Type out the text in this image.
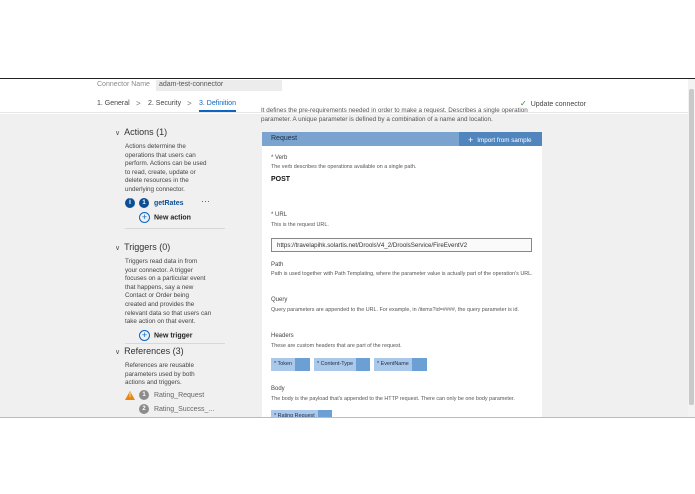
Connector Name	adam-test-connector
1. General > 2. Security > 3. Definition	✓ Update connector
∨ Actions (1)
Actions determine the
operations that users can
perform. Actions can be used
to read, create, update or
delete resources in the
underlying connector.
i	1 getRates ···
+ New action
∨ Triggers (0)
Triggers read data in from
your connector. A trigger
focuses on a particular event
that happens, say a new
Contact or Order being
created and provides the
relevant data so that users can
take action on that event.
+ New trigger
∨ References (3)
References are reusable
parameters used by both
actions and triggers.
!	1 Rating_Request
2 Rating_Success_...
It defines the pre-requirements needed in order to make a request. Describes a single operation
parameter. A unique parameter is defined by a combination of a name and location.
Request	+ Import from sample
* Verb
The verb describes the operations available on a single path.
POST
* URL
This is the request URL.
https://travelapihk.solartis.net/DroolsV4_2/DroolsService/FireEventV2
Path
Path is used together with Path Templating, where the parameter value is actually part of the operation's URL.
Query
Query parameters are appended to the URL. For example, in /items?id=####, the query parameter is id.
Headers
These are custom headers that are part of the request.
* Token	* Content-Type	* EventName
Body
The body is the payload that's appended to the HTTP request. There can only be one body parameter.
* Rating Request
